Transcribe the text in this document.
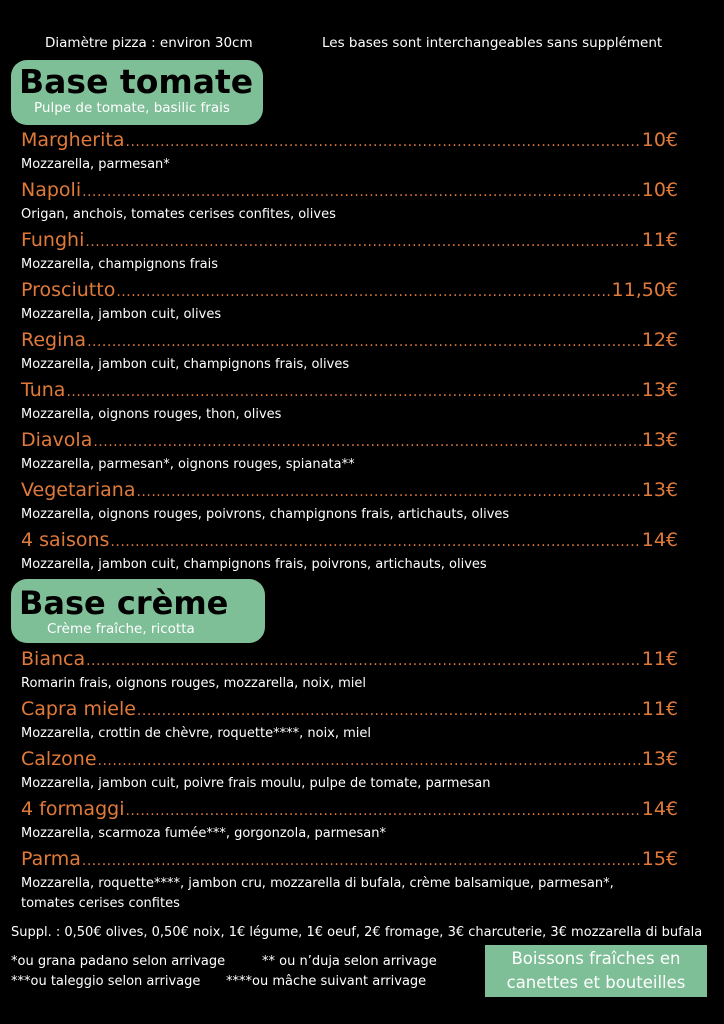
Diamètre pizza : environ 30cm	Les bases sont interchangeables sans supplément
Base tomate
Pulpe de tomate, basilic frais
Margherita .....	10€
Mozzarella, parmesan*
Napoli .....	10€
Origan, anchois, tomates cerises confites, olives
Funghi .....	11€
Mozzarella, champignons frais
Prosciutto .....	11,50€
Mozzarella, jambon cuit, olives
Regina .....	12€
Mozzarella, jambon cuit, champignons frais, olives
Tuna .....	13€
Mozzarella, oignons rouges, thon, olives
Diavola .....	13€
Mozzarella, parmesan*, oignons rouges, spianata**
Vegetariana .....	13€
Mozzarella, oignons rouges, poivrons, champignons frais, artichauts, olives
4 saisons .....	14€
Mozzarella, jambon cuit, champignons frais, poivrons, artichauts, olives
Base crème
Crème fraîche, ricotta
Bianca .....	11€
Romarin frais, oignons rouges, mozzarella, noix, miel
Capra miele .....	11€
Mozzarella, crottin de chèvre, roquette****, noix, miel
Calzone .....	13€
Mozzarella, jambon cuit, poivre frais moulu, pulpe de tomate, parmesan
4 formaggi .....	14€
Mozzarella, scarmoza fumée***, gorgonzola, parmesan*
Parma .....	15€
Mozzarella, roquette****, jambon cru, mozzarella di bufala, crème balsamique, parmesan*, tomates cerises confites
Suppl. : 0,50€ olives, 0,50€ noix, 1€ légume, 1€ oeuf, 2€ fromage, 3€ charcuterie, 3€ mozzarella di bufala
*ou grana padano selon arrivage	** ou n’duja selon arrivage
***ou taleggio selon arrivage ****ou mâche suivant arrivage
Boissons fraîches en
canettes et bouteilles
